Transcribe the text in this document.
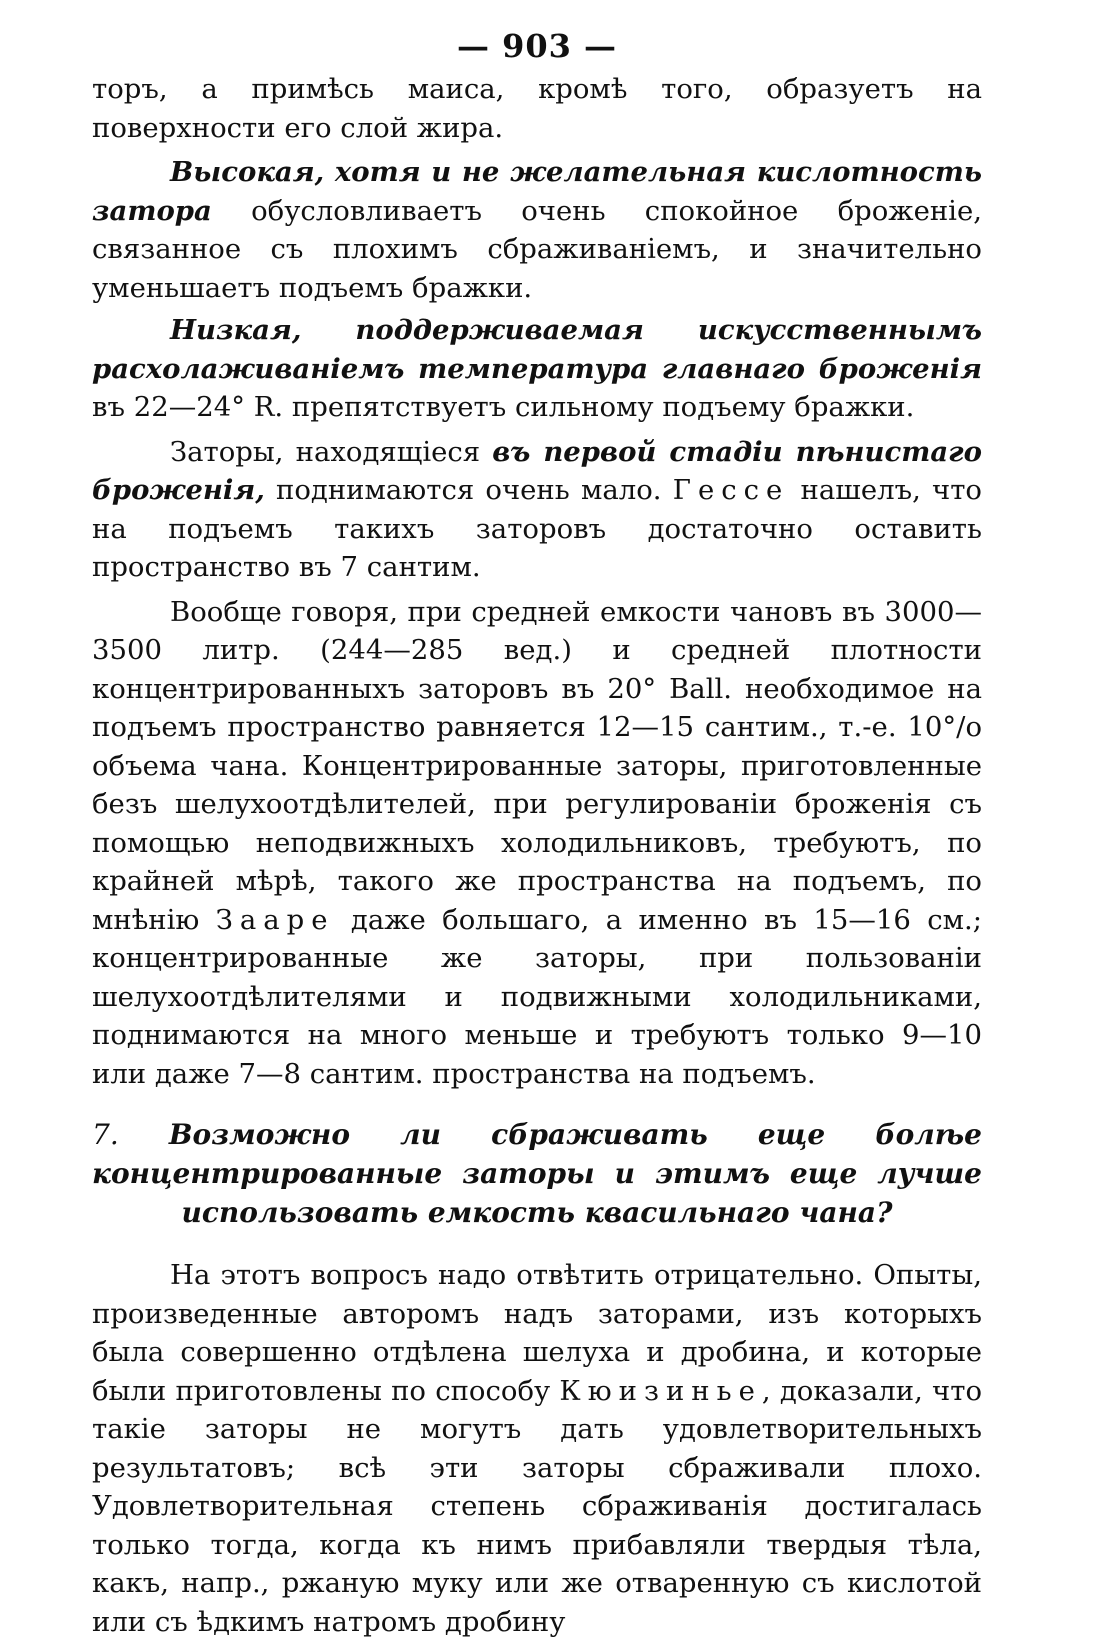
— 903 —

торъ, а примѣсь маиса, кромѣ того, образуетъ на поверхности его слой жира.

Высокая, хотя и не желательная кислотность затора обусловливаетъ очень спокойное броженіе, связанное съ плохимъ сбраживаніемъ, и значительно уменьшаетъ подъемъ бражки.

Низкая, поддерживаемая искусственнымъ расхолаживаніемъ температура главнаго броженія въ 22—24° R. препятствуетъ сильному подъему бражки.

Заторы, находящіеся въ первой стадіи пѣнистаго броженія, поднимаются очень мало. Гессе нашелъ, что на подъемъ такихъ заторовъ достаточно оставить пространство въ 7 сантим.

Вообще говоря, при средней емкости чановъ въ 3000—3500 литр. (244—285 вед.) и средней плотности концентрированныхъ заторовъ въ 20° Ball. необходимое на подъемъ пространство равняется 12—15 сантим., т.-е. 10°/о объема чана. Концентрированные заторы, приготовленные безъ шелухоотдѣлителей, при регулированіи броженія съ помощью неподвижныхъ холодильниковъ, требуютъ, по крайней мѣрѣ, такого же пространства на подъемъ, по мнѣнію Зааре даже большаго, а именно въ 15—16 см.; концентрированные же заторы, при пользованіи шелухоотдѣлителями и подвижными холодильниками, поднимаются на много меньше и требуютъ только 9—10 или даже 7—8 сантим. пространства на подъемъ.

7. Возможно ли сбраживать еще болѣе концентрированные заторы и этимъ еще лучше использовать емкость квасильнаго чана?

На этотъ вопросъ надо отвѣтить отрицательно. Опыты, произведенные авторомъ надъ заторами, изъ которыхъ была совершенно отдѣлена шелуха и дробина, и которые были приготовлены по способу Кюизинье, доказали, что такіе заторы не могутъ дать удовлетворительныхъ результатовъ; всѣ эти заторы сбраживали плохо. Удовлетворительная степень сбраживанія достигалась только тогда, когда къ нимъ прибавляли твердыя тѣла, какъ, напр., ржаную муку или же отваренную съ кислотой или съ ѣдкимъ натромъ дробину
